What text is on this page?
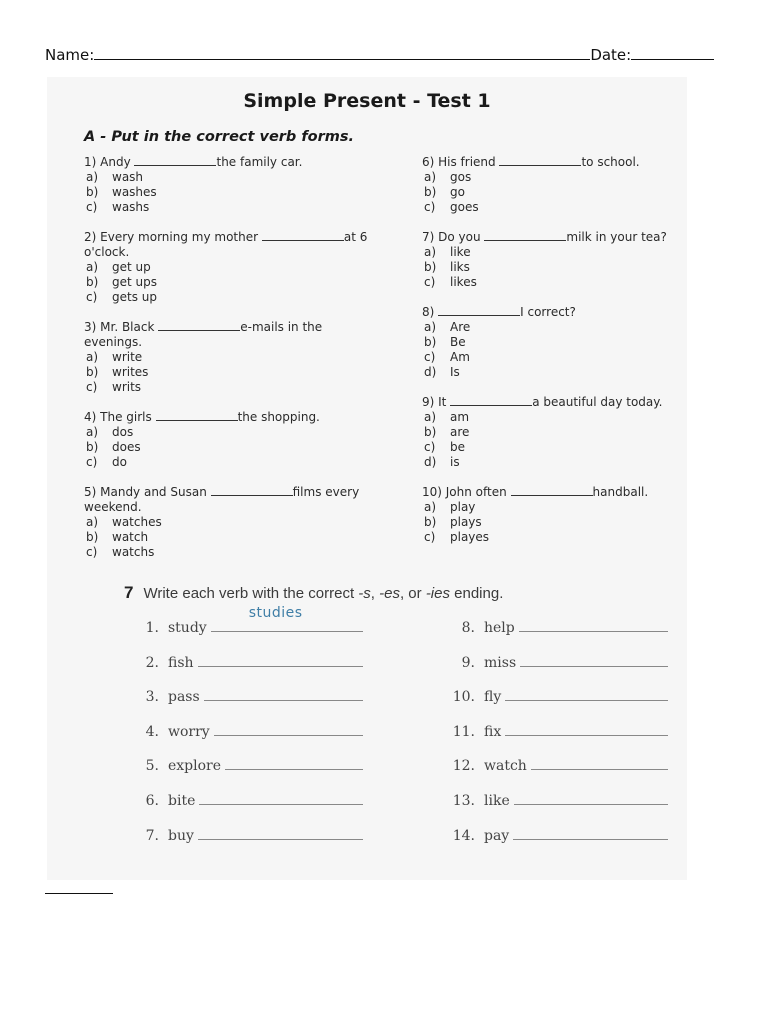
Name:	Date:
Simple Present - Test 1
A - Put in the correct verb forms.
1) Andy	the family car.
a) wash
b) washes
c) washs
2) Every morning my mother	at 6 o'clock.
a) get up
b) get ups
c) gets up
3) Mr. Black	e-mails in the evenings.
a) write
b) writes
c) writs
4) The girls	the shopping.
a) dos
b) does
c) do
5) Mandy and Susan	films every weekend.
a) watches
b) watch
c) watchs
6) His friend	to school.
a) gos
b) go
c) goes
7) Do you	milk in your tea?
a) like
b) liks
c) likes
8)	I correct?
a) Are
b) Be
c) Am
d) Is
9) It	a beautiful day today.
a) am
b) are
c) be
d) is
10) John often	handball.
a) play
b) plays
c) playes
7 Write each verb with the correct -s, -es, or -ies ending.
1. study
studies
2. fish
3. pass
4. worry
5. explore
6. bite
7. buy
8. help
9. miss
10. fly
11. fix
12. watch
13. like
14. pay
